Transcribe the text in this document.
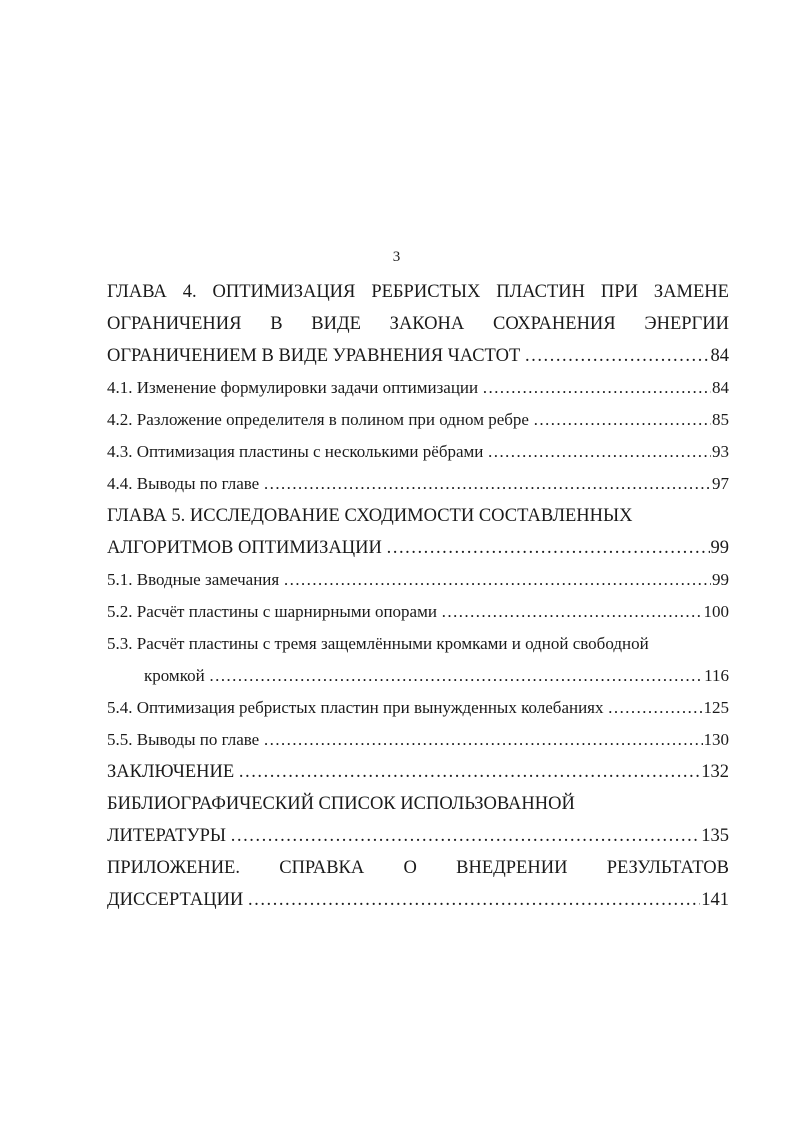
3
ГЛАВА 4. ОПТИМИЗАЦИЯ РЕБРИСТЫХ ПЛАСТИН ПРИ ЗАМЕНЕ
ОГРАНИЧЕНИЯ В ВИДЕ ЗАКОНА СОХРАНЕНИЯ ЭНЕРГИИ
ОГРАНИЧЕНИЕМ В ВИДЕ УРАВНЕНИЯ ЧАСТОТ ……………………………………………………………………………………………………………………………………………………………………………………………………	84
4.1. Изменение формулировки задачи оптимизации ……………………………………………………………………………………………………………………………………………………………………………………………………	84
4.2. Разложение определителя в полином при одном ребре ……………………………………………………………………………………………………………………………………………………………………………………………………	85
4.3. Оптимизация пластины с несколькими рёбрами ……………………………………………………………………………………………………………………………………………………………………………………………………	93
4.4. Выводы по главе ……………………………………………………………………………………………………………………………………………………………………………………………………	97
ГЛАВА 5. ИССЛЕДОВАНИЕ СХОДИМОСТИ СОСТАВЛЕННЫХ
АЛГОРИТМОВ ОПТИМИЗАЦИИ ……………………………………………………………………………………………………………………………………………………………………………………………………	99
5.1. Вводные замечания ……………………………………………………………………………………………………………………………………………………………………………………………………	99
5.2. Расчёт пластины с шарнирными опорами ……………………………………………………………………………………………………………………………………………………………………………………………………	100
5.3. Расчёт пластины с тремя защемлёнными кромками и одной свободной
кромкой ……………………………………………………………………………………………………………………………………………………………………………………………………	116
5.4. Оптимизация ребристых пластин при вынужденных колебаниях ……………………………………………………………………………………………………………………………………………………………………………………………………	125
5.5. Выводы по главе ……………………………………………………………………………………………………………………………………………………………………………………………………	130
ЗАКЛЮЧЕНИЕ ……………………………………………………………………………………………………………………………………………………………………………………………………	132
БИБЛИОГРАФИЧЕСКИЙ СПИСОК ИСПОЛЬЗОВАННОЙ
ЛИТЕРАТУРЫ ……………………………………………………………………………………………………………………………………………………………………………………………………	135
ПРИЛОЖЕНИЕ. СПРАВКА О ВНЕДРЕНИИ РЕЗУЛЬТАТОВ
ДИССЕРТАЦИИ ……………………………………………………………………………………………………………………………………………………………………………………………………	141
